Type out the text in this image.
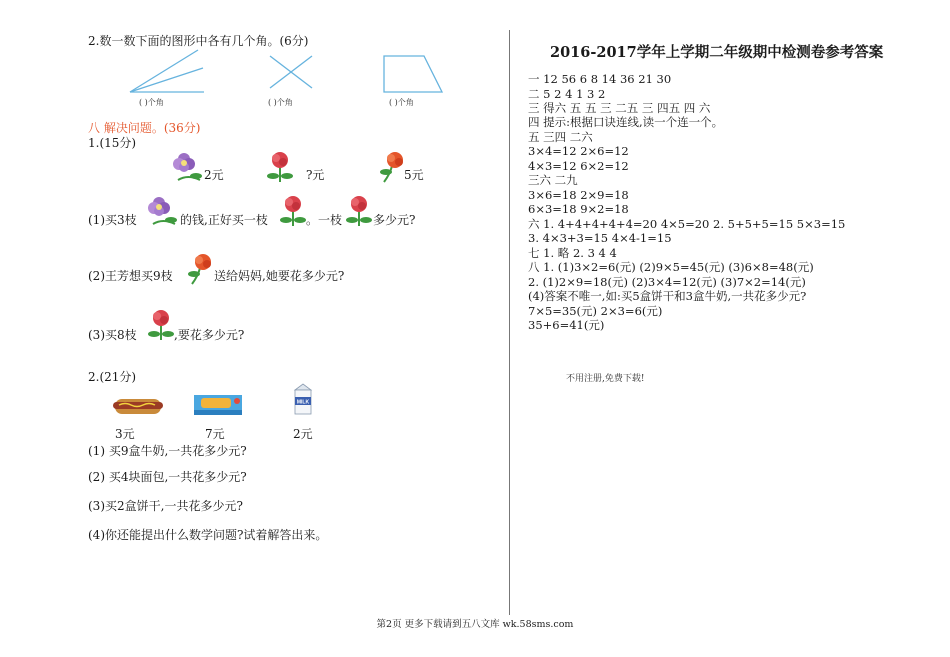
2.数一数下面的图形中各有几个角。(6分)
( )个角	( )个角	( )个角
八 解决问题。(36分)
1.(15分)
2元	?元	5元
(1)买3枝	的钱,正好买一枝	。一枝	多少元?
(2)王芳想买9枝	送给妈妈,她要花多少元?
(3)买8枝	,要花多少元?
2.(21分)
MILK
3元	7元	2元
(1) 买9盒牛奶,一共花多少元?
(2) 买4块面包,一共花多少元?
(3)买2盒饼干,一共花多少元?
(4)你还能提出什么数学问题?试着解答出来。
2016-2017学年上学期二年级期中检测卷参考答案
一 12 56 6 8 14 36 21 30
二 5 2 4 1 3 2
三 得六 五 五 三 二五 三 四五 四 六
四 提示:根据口诀连线,读一个连一个。
五 三四 二六
3×4=12 2×6=12
4×3=12 6×2=12
三六 二九
3×6=18 2×9=18
6×3=18 9×2=18
六 1. 4+4+4+4+4=20 4×5=20 2. 5+5+5=15 5×3=15
3. 4×3+3=15 4×4-1=15
七 1. 略 2. 3 4 4
八 1. (1)3×2=6(元) (2)9×5=45(元) (3)6×8=48(元)
2. (1)2×9=18(元) (2)3×4=12(元) (3)7×2=14(元)
(4)答案不唯一,如:买5盒饼干和3盒牛奶,一共花多少元?
7×5=35(元) 2×3=6(元)
35+6=41(元)
不用注册,免费下载!
第2页 更多下载请到五八文库 wk.58sms.com
